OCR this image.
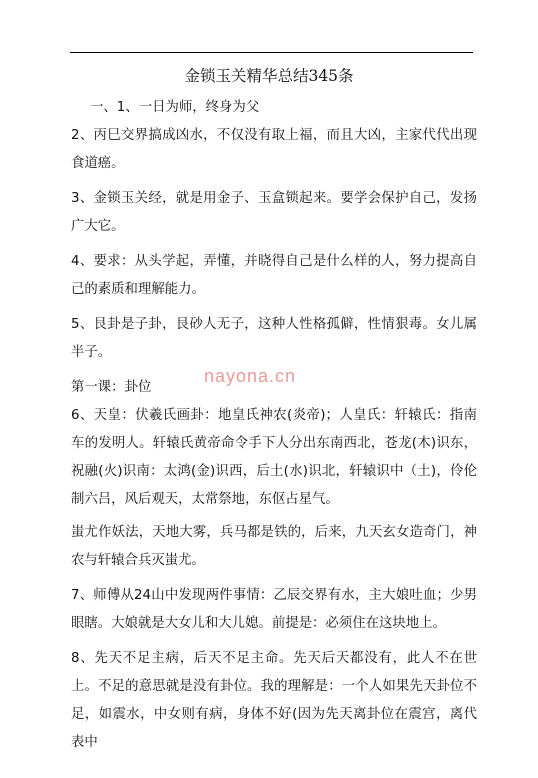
金锁玉关精华总结345条

一、1、一日为师，终身为父

2、丙巳交界搞成凶水，不仅没有取上福，而且大凶，主家代代出现食道癌。

3、金锁玉关经，就是用金子、玉盒锁起来。要学会保护自己，发扬广大它。

4、要求：从头学起，弄懂，并晓得自己是什么样的人，努力提高自己的素质和理解能力。

5、艮卦是子卦，艮砂人无子，这种人性格孤僻，性情狠毒。女儿属半子。

第一课：卦位

6、天皇：伏羲氏画卦：地皇氏神农(炎帝)；人皇氏：轩辕氏：指南车的发明人。轩辕氏黄帝命令手下人分出东南西北，苍龙(木)识东，祝融(火)识南：太鸿(金)识西，后土(水)识北，轩辕识中（土)，伶伦制六吕，风后观天，太常祭地，东伛占星气。

蚩尤作妖法，天地大雾，兵马都是铁的，后来，九天玄女造奇门，神农与轩辕合兵灭蚩尤。

7、师傅从24山中发现两件事情：乙辰交界有水，主大娘吐血；少男眼瞎。大娘就是大女儿和大儿媳。前提是：必须住在这块地上。

8、先天不足主病，后天不足主命。先天后天都没有，此人不在世上。不足的意思就是没有卦位。我的理解是：一个人如果先天卦位不足，如震水，中女则有病，身体不好(因为先天离卦位在震宫，离代表中

nayona.cn
